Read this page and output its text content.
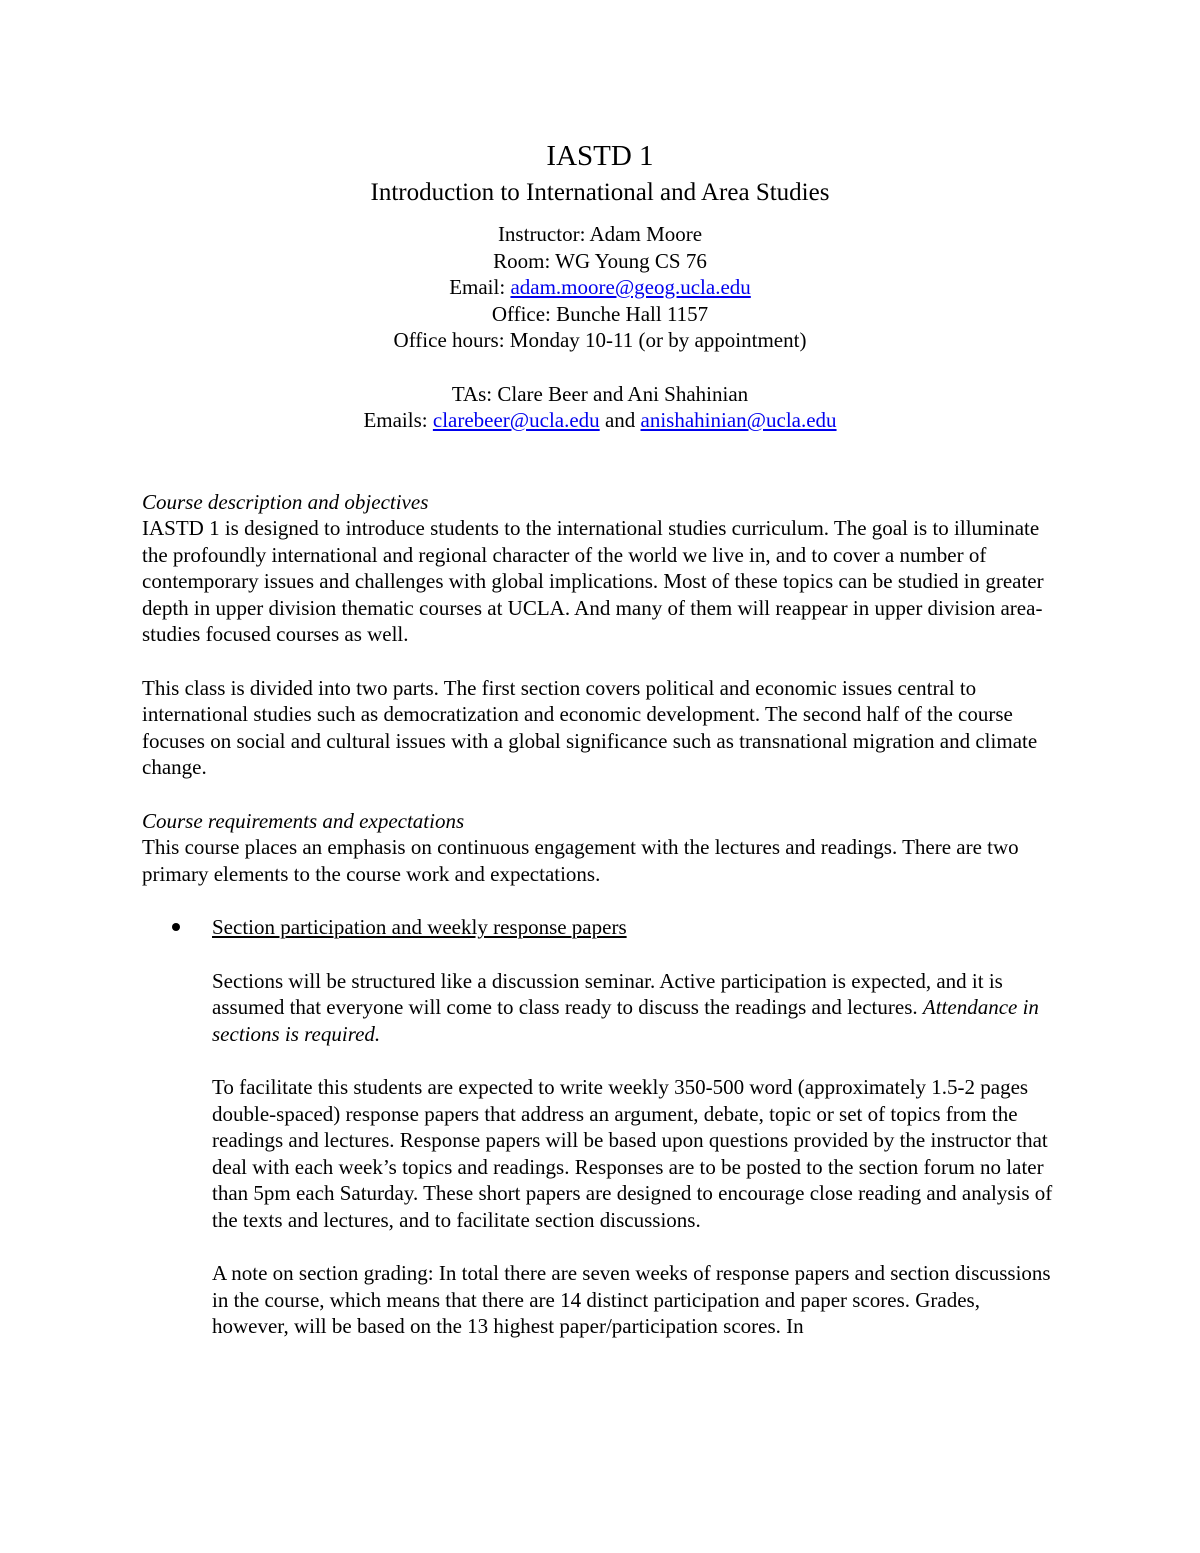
IASTD 1
Introduction to International and Area Studies

Instructor: Adam Moore

Room: WG Young CS 76

Email: adam.moore@geog.ucla.edu

Office: Bunche Hall 1157

Office hours: Monday 10-11 (or by appointment)

TAs: Clare Beer and Ani Shahinian

Emails: clarebeer@ucla.edu and anishahinian@ucla.edu

Course description and objectives

IASTD 1 is designed to introduce students to the international studies curriculum. The goal is to illuminate the profoundly international and regional character of the world we live in, and to cover a number of contemporary issues and challenges with global implications. Most of these topics can be studied in greater depth in upper division thematic courses at UCLA. And many of them will reappear in upper division area-studies focused courses as well.

This class is divided into two parts. The first section covers political and economic issues central to international studies such as democratization and economic development. The second half of the course focuses on social and cultural issues with a global significance such as transnational migration and climate change.

Course requirements and expectations

This course places an emphasis on continuous engagement with the lectures and readings. There are two primary elements to the course work and expectations.

Section participation and weekly response papers

Sections will be structured like a discussion seminar. Active participation is expected, and it is assumed that everyone will come to class ready to discuss the readings and lectures. Attendance in sections is required.

To facilitate this students are expected to write weekly 350-500 word (approximately 1.5-2 pages double-spaced) response papers that address an argument, debate, topic or set of topics from the readings and lectures. Response papers will be based upon questions provided by the instructor that deal with each week’s topics and readings. Responses are to be posted to the section forum no later than 5pm each Saturday. These short papers are designed to encourage close reading and analysis of the texts and lectures, and to facilitate section discussions.

A note on section grading: In total there are seven weeks of response papers and section discussions in the course, which means that there are 14 distinct participation and paper scores. Grades, however, will be based on the 13 highest paper/participation scores. In
